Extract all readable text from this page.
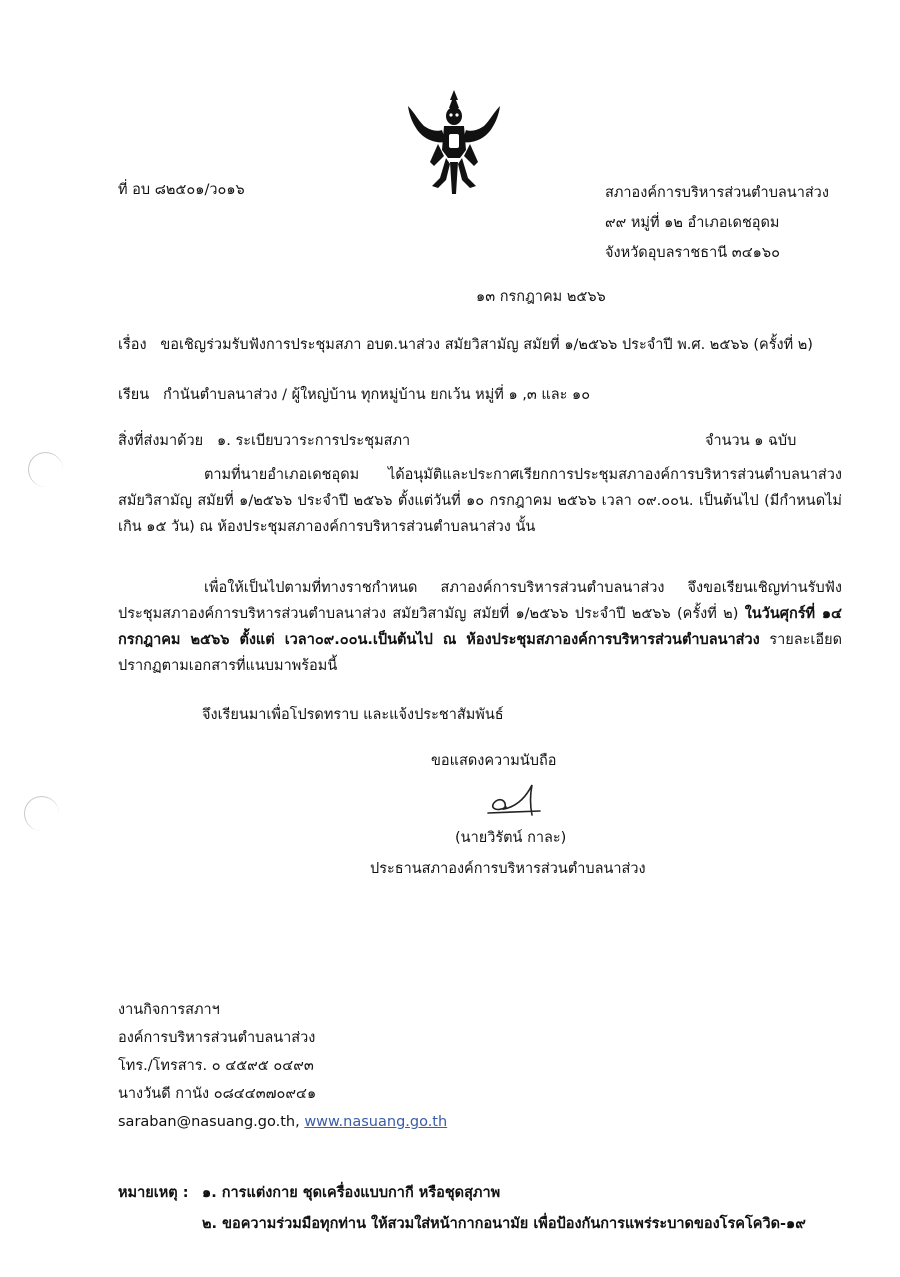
ที่ อบ ๘๒๕๐๑/ว๐๑๖	สภาองค์การบริหารส่วนตำบลนาส่วง
๙๙ หมู่ที่ ๑๒ อำเภอเดชอุดม
จังหวัดอุบลราชธานี ๓๔๑๖๐
๑๓ กรกฎาคม ๒๕๖๖
เรื่อง ขอเชิญร่วมรับฟังการประชุมสภา อบต.นาส่วง สมัยวิสามัญ สมัยที่ ๑/๒๕๖๖ ประจำปี พ.ศ. ๒๕๖๖ (ครั้งที่ ๒)
เรียน กำนันตำบลนาส่วง / ผู้ใหญ่บ้าน ทุกหมู่บ้าน ยกเว้น หมู่ที่ ๑ ,๓ และ ๑๐
สิ่งที่ส่งมาด้วย ๑. ระเบียบวาระการประชุมสภา	จำนวน ๑ ฉบับ
ตามที่นายอำเภอเดชอุดม ได้อนุมัติและประกาศเรียกการประชุมสภาองค์การบริหารส่วนตำบลนาส่วง สมัยวิสามัญ สมัยที่ ๑/๒๕๖๖ ประจำปี ๒๕๖๖ ตั้งแต่วันที่ ๑๐ กรกฎาคม ๒๕๖๖ เวลา ๐๙.๐๐น. เป็นต้นไป (มีกำหนดไม่เกิน ๑๕ วัน) ณ ห้องประชุมสภาองค์การบริหารส่วนตำบลนาส่วง นั้น
เพื่อให้เป็นไปตามที่ทางราชกำหนด สภาองค์การบริหารส่วนตำบลนาส่วง จึงขอเรียนเชิญท่านรับฟังประชุมสภาองค์การบริหารส่วนตำบลนาส่วง สมัยวิสามัญ สมัยที่ ๑/๒๕๖๖ ประจำปี ๒๕๖๖ (ครั้งที่ ๒) ในวันศุกร์ที่ ๑๔ กรกฎาคม ๒๕๖๖ ตั้งแต่ เวลา๐๙.๐๐น.เป็นต้นไป ณ ห้องประชุมสภาองค์การบริหารส่วนตำบลนาส่วง รายละเอียดปรากฏตามเอกสารที่แนบมาพร้อมนี้
จึงเรียนมาเพื่อโปรดทราบ และแจ้งประชาสัมพันธ์
ขอแสดงความนับถือ
(นายวิรัตน์ กาละ)
ประธานสภาองค์การบริหารส่วนตำบลนาส่วง
งานกิจการสภาฯ
องค์การบริหารส่วนตำบลนาส่วง
โทร./โทรสาร. ๐ ๔๕๙๕ ๐๔๙๓
นางวันดี กานัง ๐๘๔๔๓๗๐๙๔๑
saraban@nasuang.go.th, www.nasuang.go.th
หมายเหตุ : ๑. การแต่งกาย ชุดเครื่องแบบกากี หรือชุดสุภาพ
๒. ขอความร่วมมือทุกท่าน ให้สวมใส่หน้ากากอนามัย เพื่อป้องกันการแพร่ระบาดของโรคโควิด-๑๙
